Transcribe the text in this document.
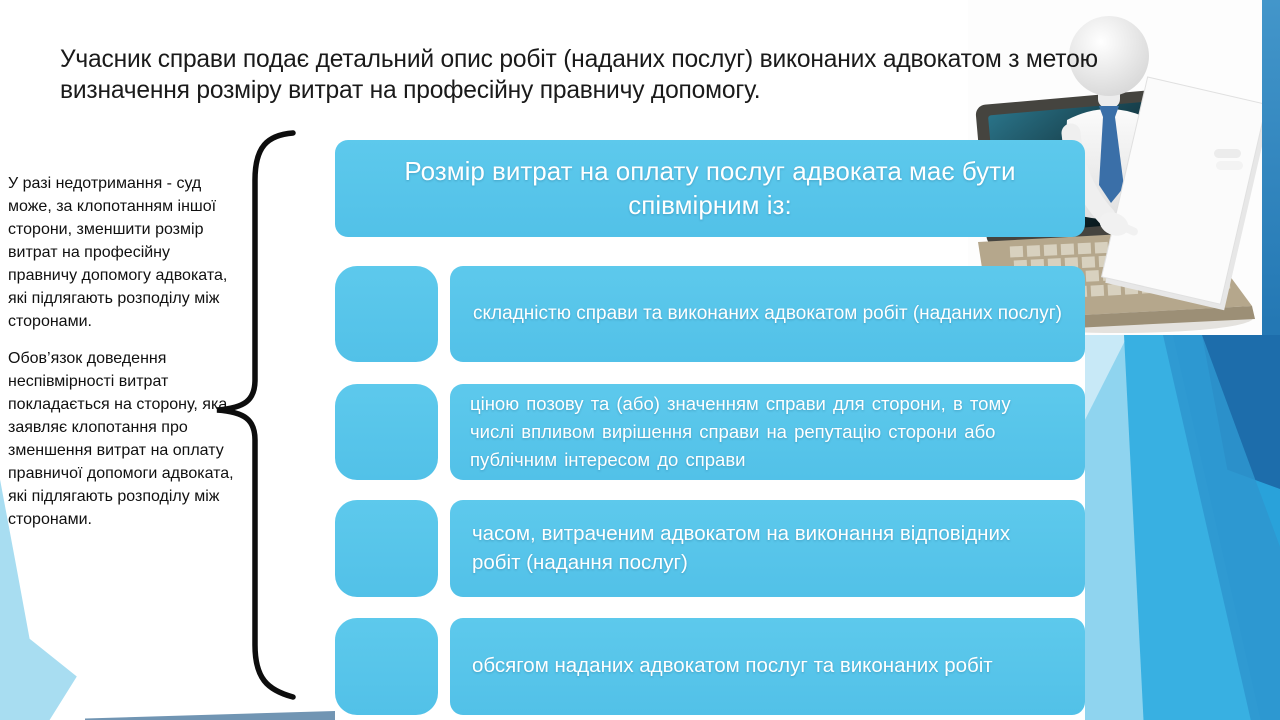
Учасник справи подає детальний опис робіт (наданих послуг) виконаних адвокатом з метою визначення розміру витрат на професійну правничу допомогу.

У разі недотримання - суд може, за клопотанням іншої сторони, зменшити розмір витрат на професійну правничу допомогу адвоката, які підлягають розподілу між сторонами.

Обов’язок доведення неспівмірності витрат покладається на сторону, яка заявляє клопотання про зменшення витрат на оплату правничої допомоги адвоката, які підлягають розподілу між сторонами.

Розмір витрат на оплату послуг адвоката має бути співмірним із:
складністю справи та виконаних адвокатом робіт (наданих послуг)
ціною позову та (або) значенням справи для сторони, в тому числі впливом вирішення справи на репутацію сторони або публічним інтересом до справи
часом, витраченим адвокатом на виконання відповідних робіт (надання послуг)
обсягом наданих адвокатом послуг та виконаних робіт
